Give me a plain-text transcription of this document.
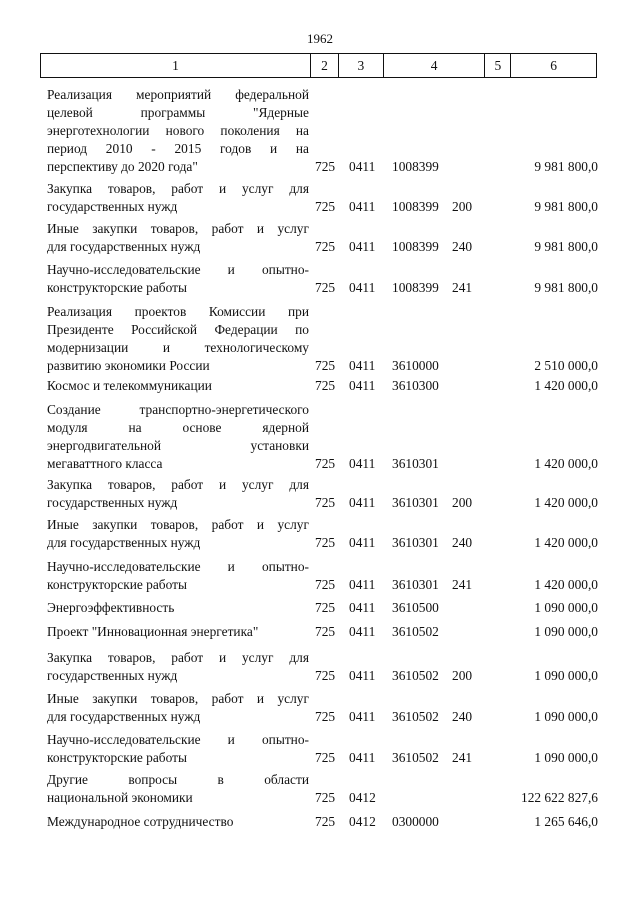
1962
1	2	3	4	5	6
Реализация мероприятий федеральной
целевой программы "Ядерные
энерготехнологии нового поколения на
период 2010 - 2015 годов и на
перспективу до 2020 года"	725 0411 1008399	9 981 800,0
Закупка товаров, работ и услуг для
государственных нужд	725 0411 1008399 200	9 981 800,0
Иные закупки товаров, работ и услуг
для государственных нужд	725 0411 1008399 240	9 981 800,0
Научно-исследовательские и опытно-
конструкторские работы	725 0411 1008399 241	9 981 800,0
Реализация проектов Комиссии при
Президенте Российской Федерации по
модернизации и технологическому
развитию экономики России	725 0411 3610000	2 510 000,0
Космос и телекоммуникации	725 0411 3610300	1 420 000,0
Создание транспортно-энергетического
модуля на основе ядерной
энергодвигательной установки
мегаваттного класса	725 0411 3610301	1 420 000,0
Закупка товаров, работ и услуг для
государственных нужд	725 0411 3610301 200	1 420 000,0
Иные закупки товаров, работ и услуг
для государственных нужд	725 0411 3610301 240	1 420 000,0
Научно-исследовательские и опытно-
конструкторские работы	725 0411 3610301 241	1 420 000,0
Энергоэффективность	725 0411 3610500	1 090 000,0
Проект "Инновационная энергетика"	725 0411 3610502	1 090 000,0
Закупка товаров, работ и услуг для
государственных нужд	725 0411 3610502 200	1 090 000,0
Иные закупки товаров, работ и услуг
для государственных нужд	725 0411 3610502 240	1 090 000,0
Научно-исследовательские и опытно-
конструкторские работы	725 0411 3610502 241	1 090 000,0
Другие вопросы в области
национальной экономики	725 0412	122 622 827,6
Международное сотрудничество	725 0412 0300000	1 265 646,0
